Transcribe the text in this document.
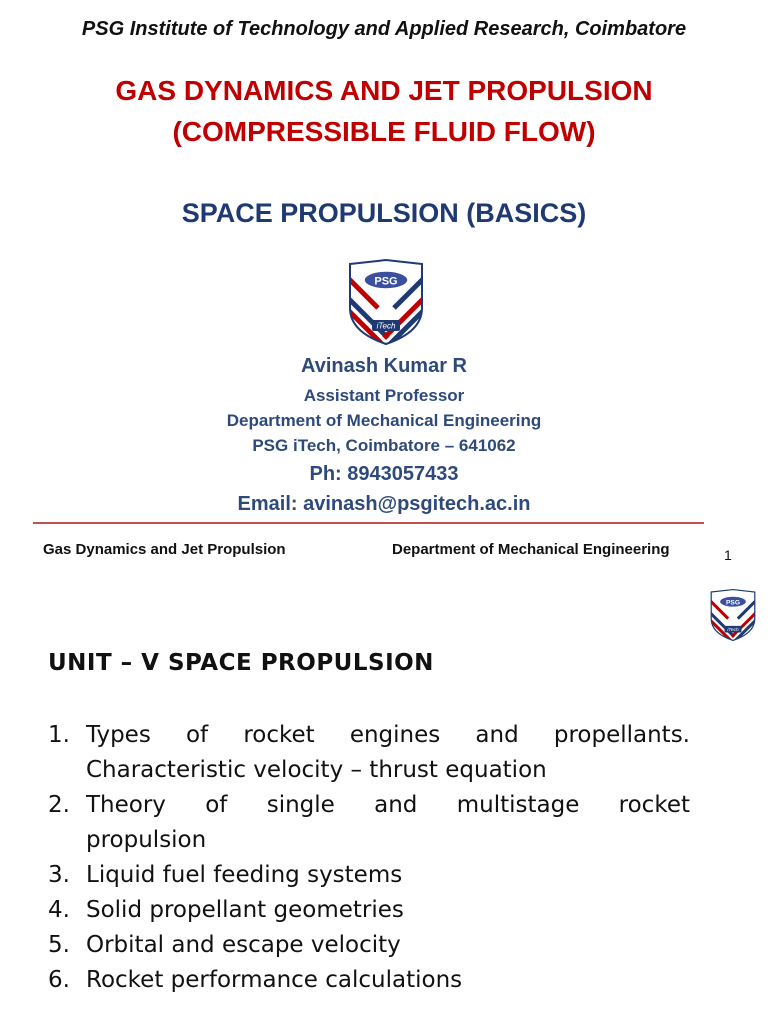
PSG Institute of Technology and Applied Research, Coimbatore
GAS DYNAMICS AND JET PROPULSION
(COMPRESSIBLE FLUID FLOW)
SPACE PROPULSION (BASICS)
PSG
iTech
Avinash Kumar R
Assistant Professor
Department of Mechanical Engineering
PSG iTech, Coimbatore – 641062
Ph: 8943057433
Email: avinash@psgitech.ac.in
Gas Dynamics and Jet Propulsion	Department of Mechanical Engineering	1
PSG
iTech
UNIT – V SPACE PROPULSION
1. Types of rocket engines and propellants.
Characteristic velocity – thrust equation
2. Theory of single and multistage rocket
propulsion
3. Liquid fuel feeding systems
4. Solid propellant geometries
5. Orbital and escape velocity
6. Rocket performance calculations
